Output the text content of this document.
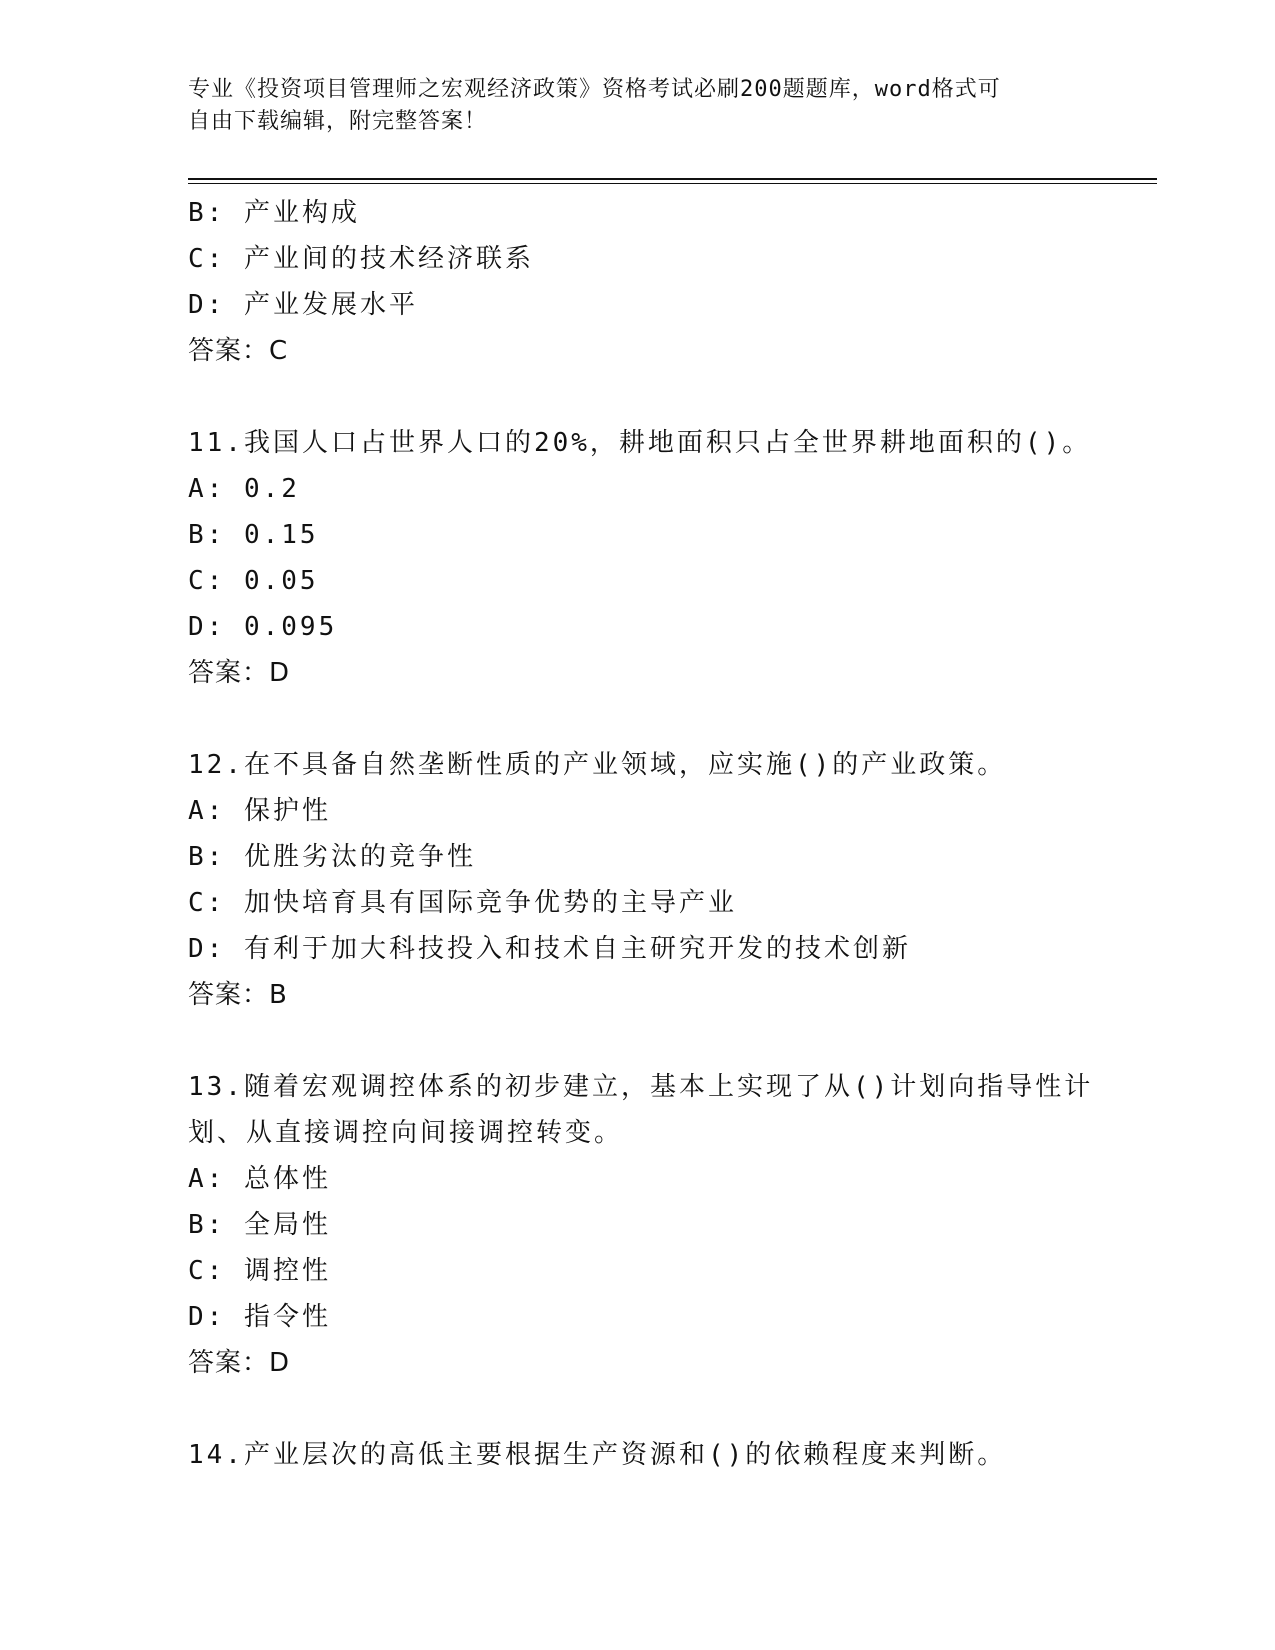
专业《投资项目管理师之宏观经济政策》资格考试必刷200题题库，word格式可
自由下载编辑，附完整答案！
B: 产业构成
C: 产业间的技术经济联系
D: 产业发展水平
答案：C
11.我国人口占世界人口的20%，耕地面积只占全世界耕地面积的()。
A: 0.2
B: 0.15
C: 0.05
D: 0.095
答案：D
12.在不具备自然垄断性质的产业领域，应实施()的产业政策。
A: 保护性
B: 优胜劣汰的竞争性
C: 加快培育具有国际竞争优势的主导产业
D: 有利于加大科技投入和技术自主研究开发的技术创新
答案：B
13.随着宏观调控体系的初步建立，基本上实现了从()计划向指导性计
划、从直接调控向间接调控转变。
A: 总体性
B: 全局性
C: 调控性
D: 指令性
答案：D
14.产业层次的高低主要根据生产资源和()的依赖程度来判断。
